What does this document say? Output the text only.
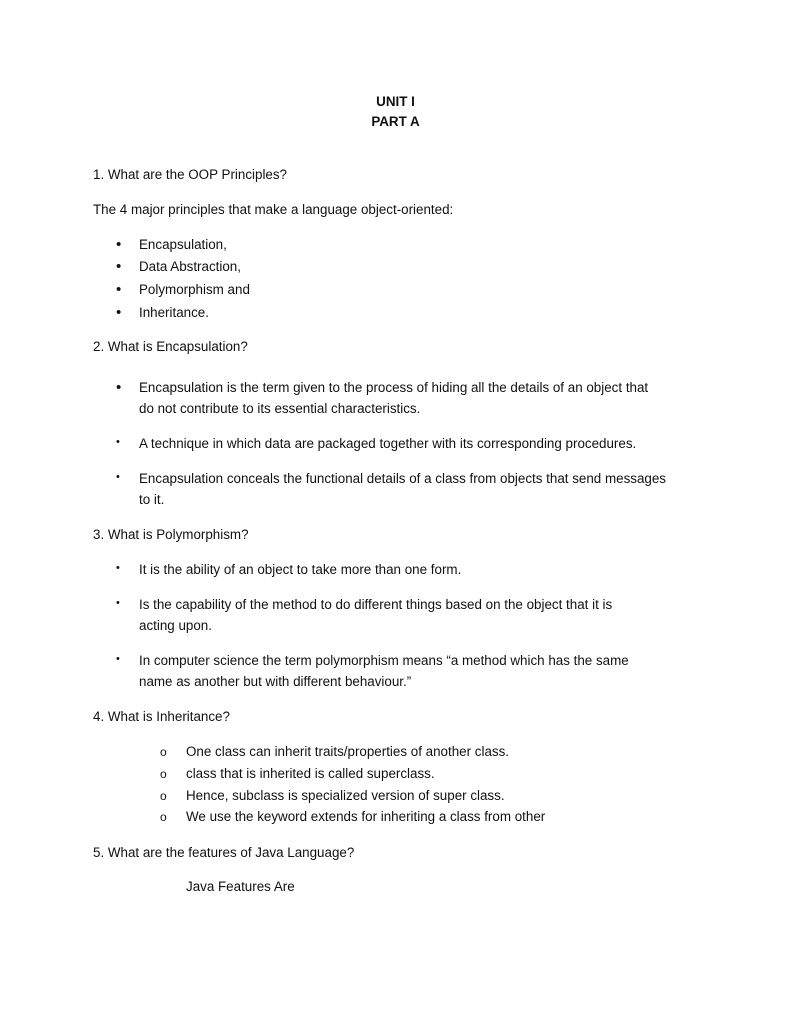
UNIT I
PART A
1. What are the OOP Principles?
The 4 major principles that make a language object-oriented:
• Encapsulation,
• Data Abstraction,
• Polymorphism and
• Inheritance.
2. What is Encapsulation?
• Encapsulation is the term given to the process of hiding all the details of an object that
do not contribute to its essential characteristics.
• A technique in which data are packaged together with its corresponding procedures.
• Encapsulation conceals the functional details of a class from objects that send messages
to it.
3. What is Polymorphism?
• It is the ability of an object to take more than one form.
• Is the capability of the method to do different things based on the object that it is
acting upon.
• In computer science the term polymorphism means “a method which has the same
name as another but with different behaviour.”
4. What is Inheritance?
o One class can inherit traits/properties of another class.
o class that is inherited is called superclass.
o Hence, subclass is specialized version of super class.
o We use the keyword extends for inheriting a class from other
5. What are the features of Java Language?
Java Features Are
